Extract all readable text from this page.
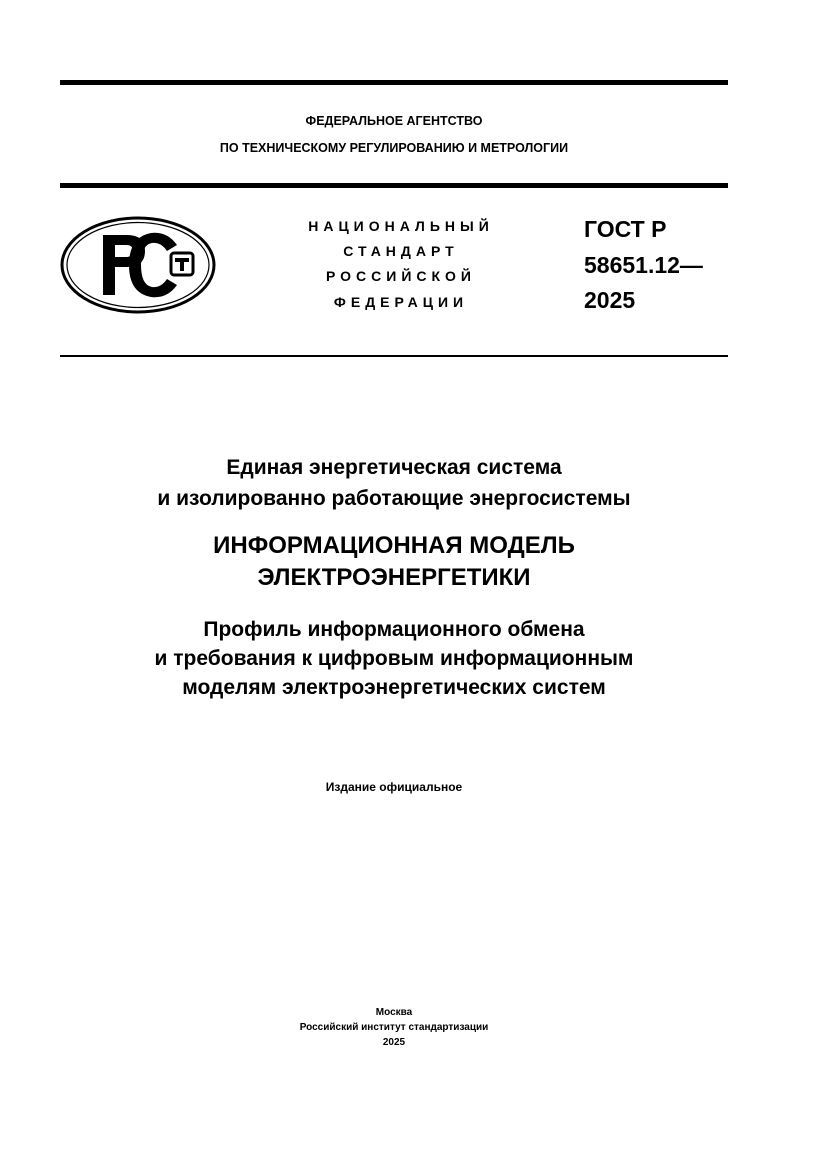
ФЕДЕРАЛЬНОЕ АГЕНТСТВО
ПО ТЕХНИЧЕСКОМУ РЕГУЛИРОВАНИЮ И МЕТРОЛОГИИ
НАЦИОНАЛЬНЫЙ
СТАНДАРТ
РОССИЙСКОЙ
ФЕДЕРАЦИИ
ГОСТ Р
58651.12—
2025
Единая энергетическая система
и изолированно работающие энергосистемы
ИНФОРМАЦИОННАЯ МОДЕЛЬ
ЭЛЕКТРОЭНЕРГЕТИКИ
Профиль информационного обмена
и требования к цифровым информационным
моделям электроэнергетических систем
Издание официальное
Москва
Российский институт стандартизации
2025
